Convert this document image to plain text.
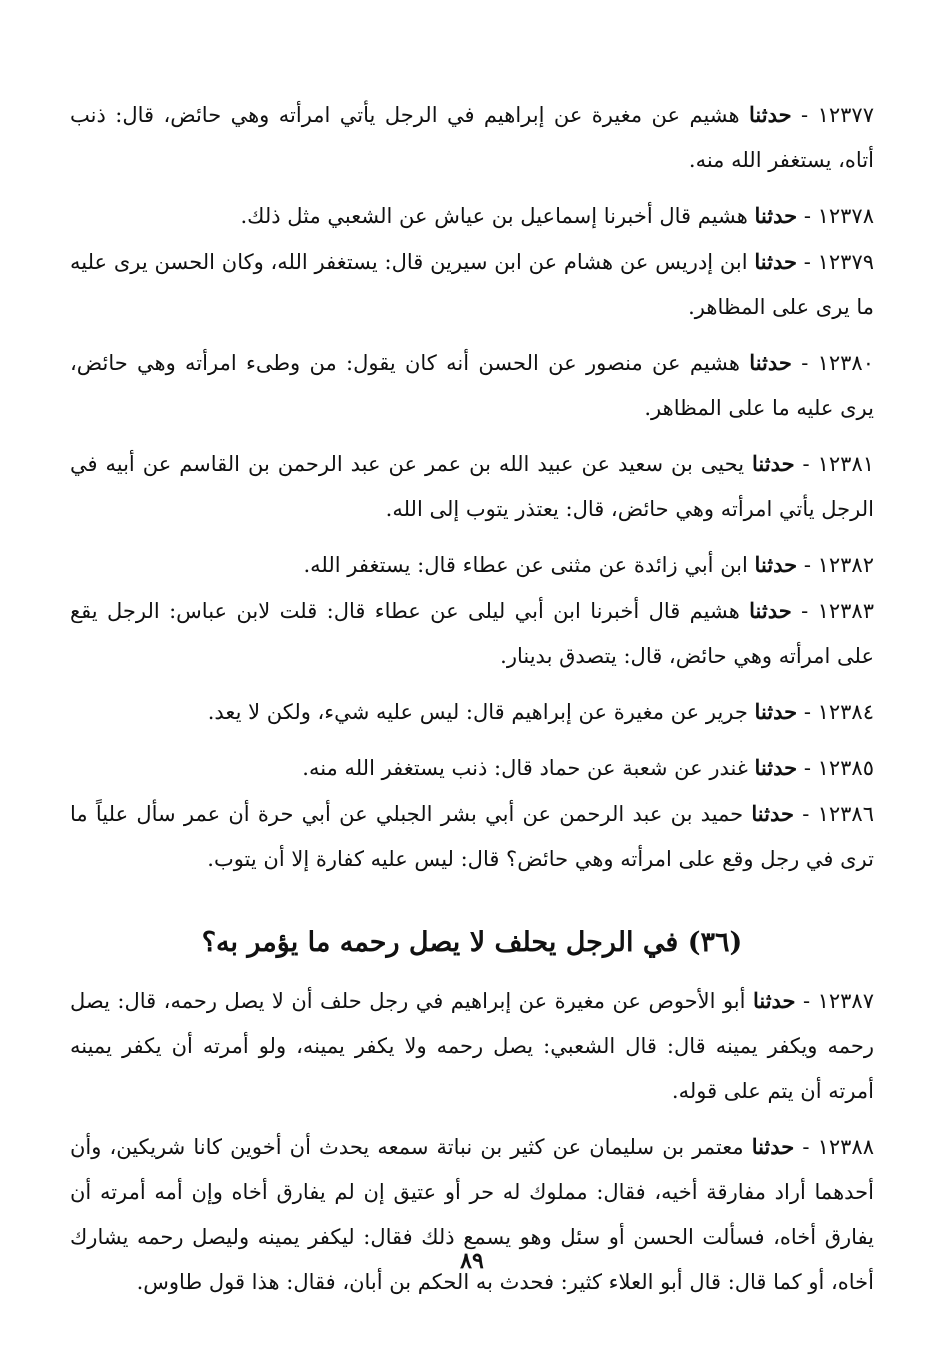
١٢٣٧٧ - حدثنا هشيم عن مغيرة عن إبراهيم في الرجل يأتي امرأته وهي حائض، قال: ذنب أتاه، يستغفر الله منه.

١٢٣٧٨ - حدثنا هشيم قال أخبرنا إسماعيل بن عياش عن الشعبي مثل ذلك.

١٢٣٧٩ - حدثنا ابن إدريس عن هشام عن ابن سيرين قال: يستغفر الله، وكان الحسن يرى عليه ما يرى على المظاهر.

١٢٣٨٠ - حدثنا هشيم عن منصور عن الحسن أنه كان يقول: من وطىء امرأته وهي حائض، يرى عليه ما على المظاهر.

١٢٣٨١ - حدثنا يحيى بن سعيد عن عبيد الله بن عمر عن عبد الرحمن بن القاسم عن أبيه في الرجل يأتي امرأته وهي حائض، قال: يعتذر يتوب إلى الله.

١٢٣٨٢ - حدثنا ابن أبي زائدة عن مثنى عن عطاء قال: يستغفر الله.

١٢٣٨٣ - حدثنا هشيم قال أخبرنا ابن أبي ليلى عن عطاء قال: قلت لابن عباس: الرجل يقع على امرأته وهي حائض، قال: يتصدق بدينار.

١٢٣٨٤ - حدثنا جرير عن مغيرة عن إبراهيم قال: ليس عليه شيء، ولكن لا يعد.

١٢٣٨٥ - حدثنا غندر عن شعبة عن حماد قال: ذنب يستغفر الله منه.

١٢٣٨٦ - حدثنا حميد بن عبد الرحمن عن أبي بشر الجبلي عن أبي حرة أن عمر سأل علياً ما ترى في رجل وقع على امرأته وهي حائض؟ قال: ليس عليه كفارة إلا أن يتوب.

(٣٦) في الرجل يحلف لا يصل رحمه ما يؤمر به؟

١٢٣٨٧ - حدثنا أبو الأحوص عن مغيرة عن إبراهيم في رجل حلف أن لا يصل رحمه، قال: يصل رحمه ويكفر يمينه قال: قال الشعبي: يصل رحمه ولا يكفر يمينه، ولو أمرته أن يكفر يمينه أمرته أن يتم على قوله.

١٢٣٨٨ - حدثنا معتمر بن سليمان عن كثير بن نباتة سمعه يحدث أن أخوين كانا شريكين، وأن أحدهما أراد مفارقة أخيه، فقال: مملوك له حر أو عتيق إن لم يفارق أخاه وإن أمه أمرته أن يفارق أخاه، فسألت الحسن أو سئل وهو يسمع ذلك فقال: ليكفر يمينه وليصل رحمه يشارك أخاه، أو كما قال: قال أبو العلاء كثير: فحدث به الحكم بن أبان، فقال: هذا قول طاوس.

٨٩
